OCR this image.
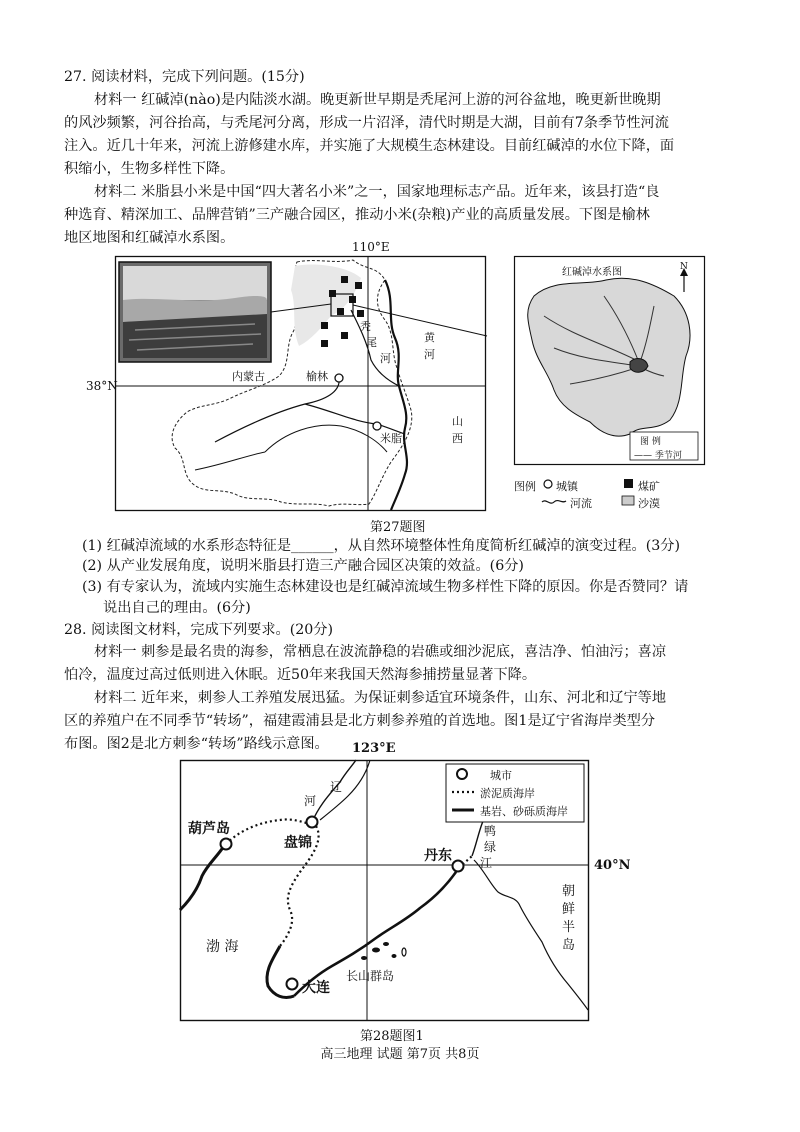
27. 阅读材料，完成下列问题。(15分)
材料一 红碱淖(nào)是内陆淡水湖。晚更新世早期是秃尾河上游的河谷盆地，晚更新世晚期
的风沙频繁，河谷抬高，与秃尾河分离，形成一片沼泽，清代时期是大湖，目前有7条季节性河流
注入。近几十年来，河流上游修建水库，并实施了大规模生态林建设。目前红碱淖的水位下降，面
积缩小，生物多样性下降。
材料二 米脂县小米是中国“四大著名小米”之一，国家地理标志产品。近年来，该县打造“良
种选育、精深加工、品牌营销”三产融合园区，推动小米(杂粮)产业的高质量发展。下图是榆林
地区地图和红碱淖水系图。
110°E
38°N
内蒙古	榆林
米脂
山
西
黄
河
秃
尾
河
红碱淖水系图	N
图 例
—— 季节河
图例 城镇	煤矿
河流	沙漠
第27题图
(1) 红碱淖流域的水系形态特征是______，从自然环境整体性角度简析红碱淖的演变过程。(3分)
(2) 从产业发展角度，说明米脂县打造三产融合园区决策的效益。(6分)
(3) 有专家认为，流域内实施生态林建设也是红碱淖流域生物多样性下降的原因。你是否赞同？请
说出自己的理由。(6分)
28. 阅读图文材料，完成下列要求。(20分)
材料一 刺参是最名贵的海参，常栖息在波流静稳的岩礁或细沙泥底，喜洁净、怕油污；喜凉
怕冷，温度过高过低则进入休眠。近50年来我国天然海参捕捞量显著下降。
材料二 近年来，刺参人工养殖发展迅猛。为保证刺参适宜环境条件，山东、河北和辽宁等地
区的养殖户在不同季节“转场”，福建霞浦县是北方刺参养殖的首选地。图1是辽宁省海岸类型分
布图。图2是北方刺参“转场”路线示意图。 123°E
城市
淤泥质海岸
基岩、砂砾质海岸
40°N
葫芦岛
盘锦
丹东
大连
渤 海
长山群岛
辽
河
鸭
绿
江
朝
鲜
半
岛
第28题图1
高三地理 试题 第7页 共8页
